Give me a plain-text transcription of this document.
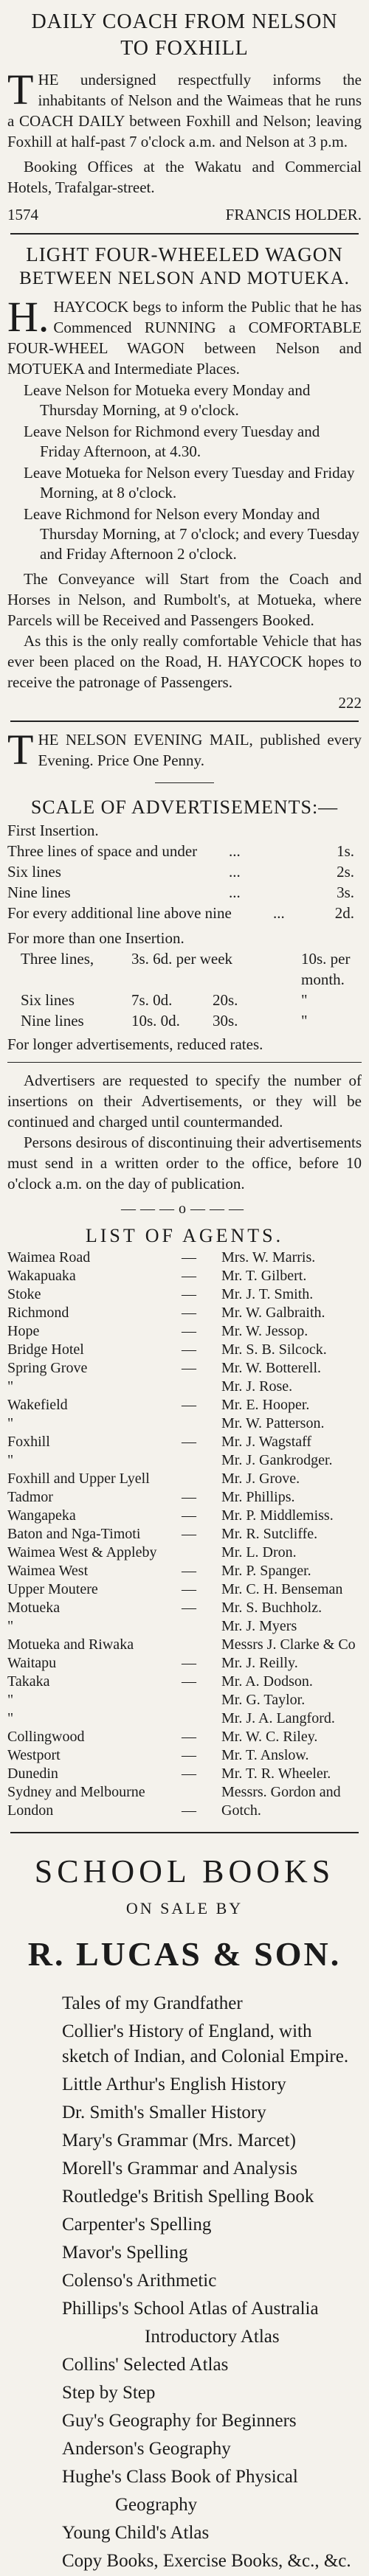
DAILY COACH FROM NELSON
TO FOXHILL

THE undersigned respectfully informs the inhabitants of Nelson and the Waimeas that he runs a COACH DAILY between Foxhill and Nelson; leaving Foxhill at half-past 7 o'clock a.m. and Nelson at 3 p.m.

Booking Offices at the Wakatu and Commercial Hotels, Trafalgar-street.

1574	FRANCIS HOLDER.
LIGHT FOUR-WHEELED WAGON
BETWEEN NELSON AND MOTUEKA.

H. HAYCOCK begs to inform the Public that he has Commenced RUNNING a COMFORTABLE FOUR-WHEEL WAGON between Nelson and MOTUEKA and Intermediate Places.

Leave Nelson for Motueka every Monday and Thursday Morning, at 9 o'clock.

Leave Nelson for Richmond every Tuesday and Friday Afternoon, at 4.30.

Leave Motueka for Nelson every Tuesday and Friday Morning, at 8 o'clock.

Leave Richmond for Nelson every Monday and Thursday Morning, at 7 o'clock; and every Tuesday and Friday Afternoon 2 o'clock.

The Conveyance will Start from the Coach and Horses in Nelson, and Rumbolt's, at Motueka, where Parcels will be Received and Passengers Booked.

As this is the only really comfortable Vehicle that has ever been placed on the Road, H. HAYCOCK hopes to receive the patronage of Passengers.

222

THE NELSON EVENING MAIL, published every Evening. Price One Penny.

SCALE OF ADVERTISEMENTS:—
First Insertion.
Three lines of space and under	...	1s.
Six lines	...	2s.
Nine lines	...	3s.
For every additional line above nine	...	2d.
For more than one Insertion.
Three lines,	3s. 6d. per week	10s. per month.
Six lines	7s. 0d.	20s.	"
Nine lines	10s. 0d.	30s.	"
For longer advertisements, reduced rates.

Advertisers are requested to specify the number of insertions on their Advertisements, or they will be continued and charged until countermanded.

Persons desirous of discontinuing their advertisements must send in a written order to the office, before 10 o'clock a.m. on the day of publication.

———o———
LIST OF AGENTS.
Waimea Road	—	Mrs. W. Marris.
Wakapuaka	—	Mr. T. Gilbert.
Stoke	—	Mr. J. T. Smith.
Richmond	—	Mr. W. Galbraith.
Hope	—	Mr. W. Jessop.
Bridge Hotel	—	Mr. S. B. Silcock.
Spring Grove	—	Mr. W. Botterell.
"	Mr. J. Rose.
Wakefield	—	Mr. E. Hooper.
"	Mr. W. Patterson.
Foxhill	—	Mr. J. Wagstaff
"	Mr. J. Gankrodger.
Foxhill and Upper Lyell	Mr. J. Grove.
Tadmor	—	Mr. Phillips.
Wangapeka	—	Mr. P. Middlemiss.
Baton and Nga-Timoti	—	Mr. R. Sutcliffe.
Waimea West & Appleby	Mr. L. Dron.
Waimea West	—	Mr. P. Spanger.
Upper Moutere	—	Mr. C. H. Benseman
Motueka	—	Mr. S. Buchholz.
"	Mr. J. Myers
Motueka and Riwaka	Messrs J. Clarke & Co
Waitapu	—	Mr. J. Reilly.
Takaka	—	Mr. A. Dodson.
"	Mr. G. Taylor.
"	Mr. J. A. Langford.
Collingwood	—	Mr. W. C. Riley.
Westport	—	Mr. T. Anslow.
Dunedin	—	Mr. T. R. Wheeler.
Sydney and Melbourne	Messrs. Gordon and
London	—	Gotch.
SCHOOL BOOKS
ON SALE BY
R. LUCAS & SON.

Tales of my Grandfather

Collier's History of England, with sketch of Indian, and Colonial Empire.

Little Arthur's English History

Dr. Smith's Smaller History

Mary's Grammar (Mrs. Marcet)

Morell's Grammar and Analysis

Routledge's British Spelling Book

Carpenter's Spelling

Mavor's Spelling

Colenso's Arithmetic

Phillips's School Atlas of Australia

Introductory Atlas

Collins' Selected Atlas

Step by Step

Guy's Geography for Beginners

Anderson's Geography

Hughe's Class Book of Physical

Geography

Young Child's Atlas

Copy Books, Exercise Books, &c., &c.
